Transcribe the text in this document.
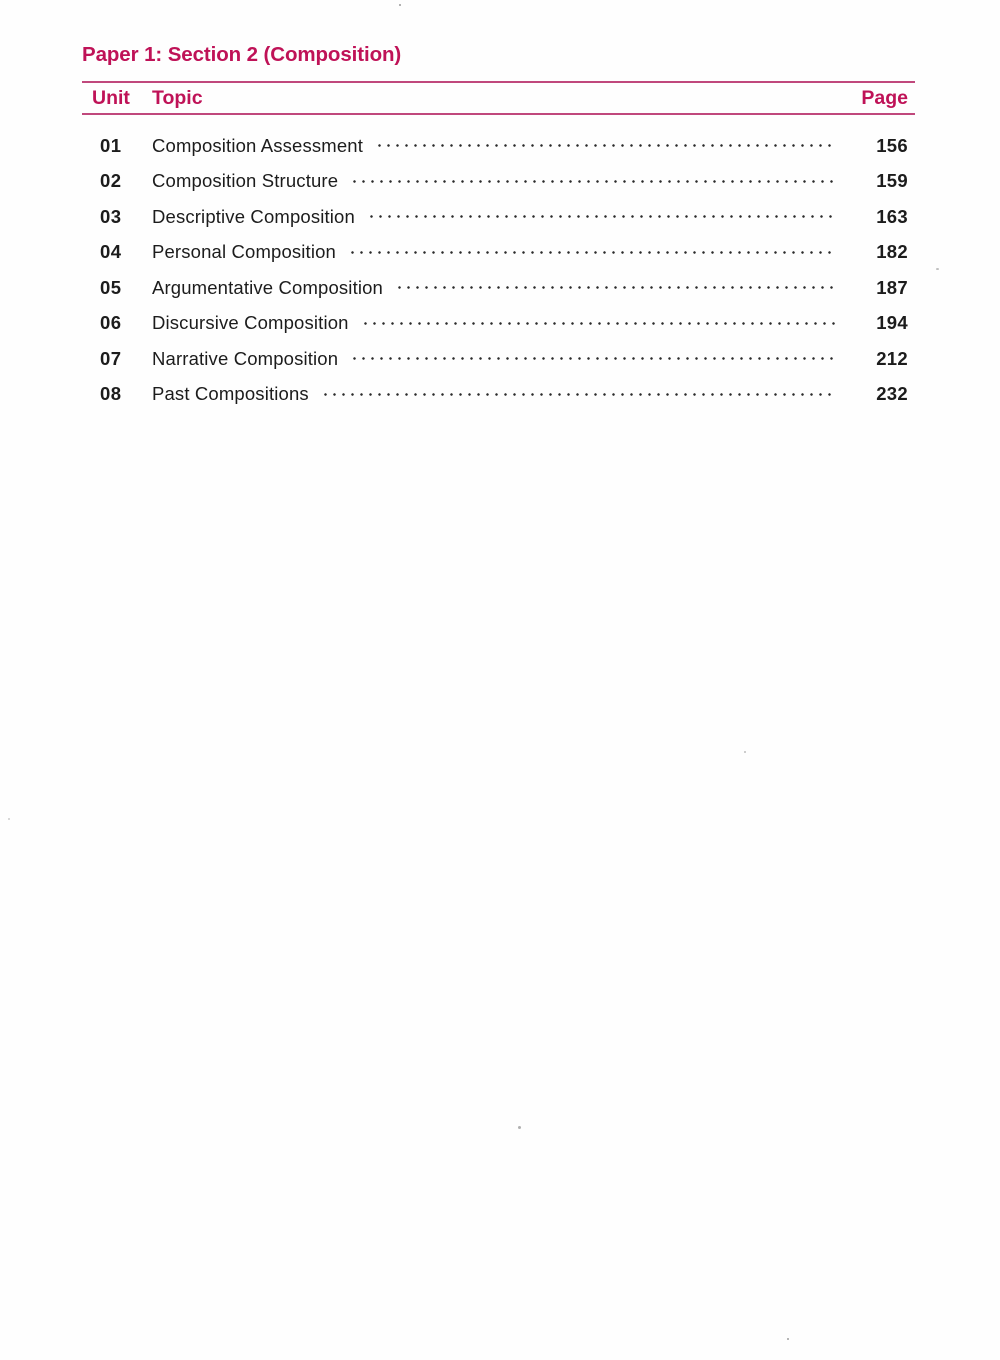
Paper 1: Section 2 (Composition)
Unit	Topic	Page
01	Composition Assessment	156
02	Composition Structure	159
03	Descriptive Composition	163
04	Personal Composition	182
05	Argumentative Composition	187
06	Discursive Composition	194
07	Narrative Composition	212
08	Past Compositions	232
